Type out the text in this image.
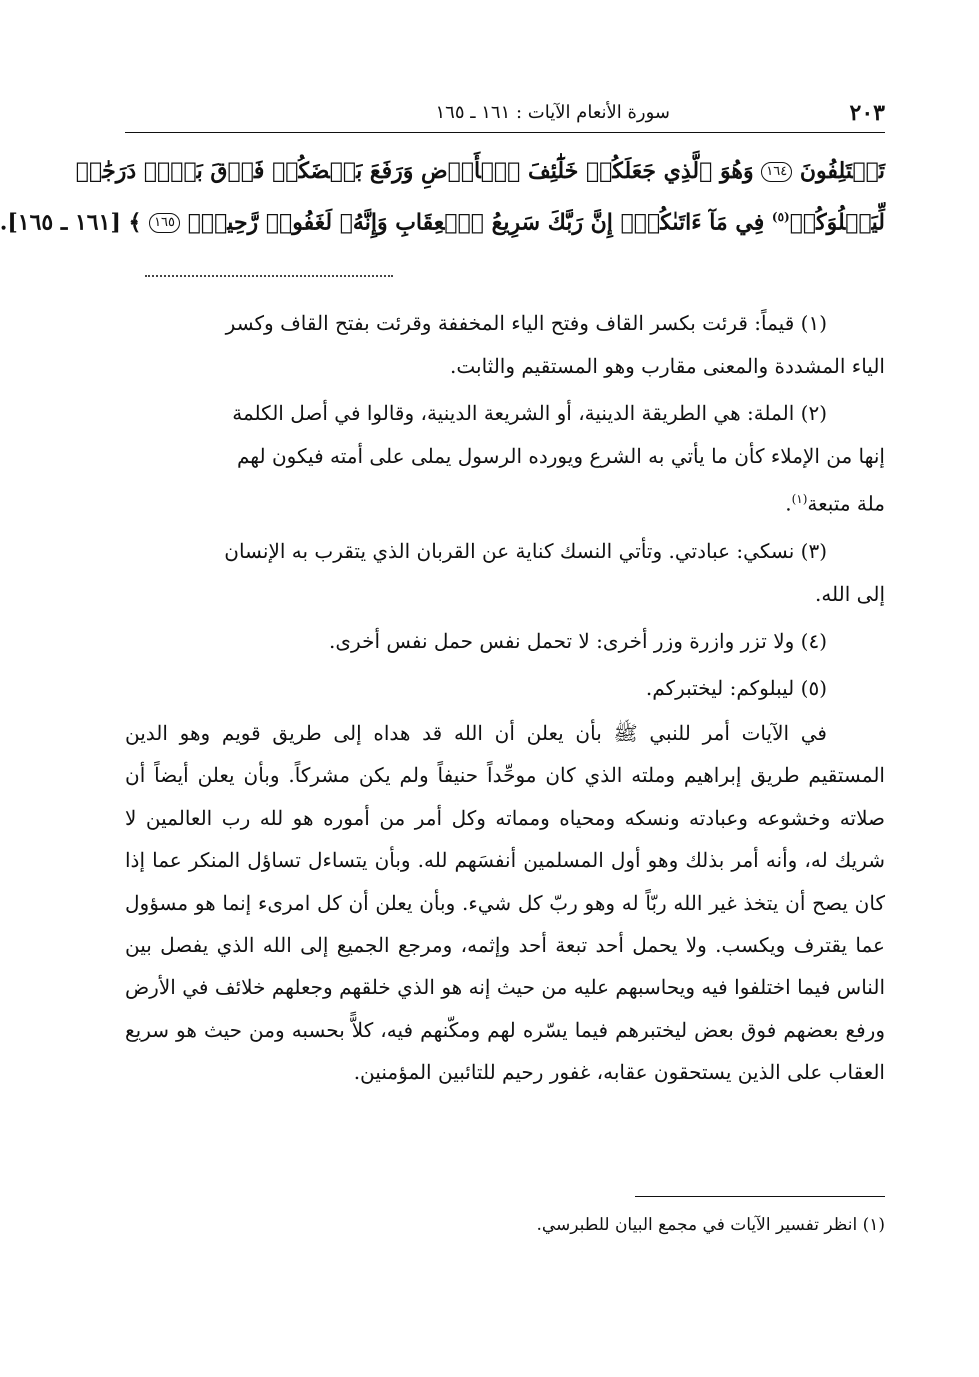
سورة الأنعام الآيات : ١٦١ ـ ١٦٥	٢٠٣
تَخۡتَلِفُونَ ١٦٤ وَهُوَ ٱلَّذِي جَعَلَكُمۡ خَلَٰٓئِفَ ٱلۡأَرۡضِ وَرَفَعَ بَعۡضَكُمۡ فَوۡقَ بَعۡضٖ دَرَجَٰتٖ
لِّيَبۡلُوَكُمۡ$^{(٥)}$ فِي مَآ ءَاتَىٰكُمۡۗ إِنَّ رَبَّكَ سَرِيعُ ٱلۡعِقَابِ وَإِنَّهُۥ لَغَفُورٞ رَّحِيمُۢ ١٦٥ ﴾ [١٦١ ـ ١٦٥].

(١) قيماً: قرئت بكسر القاف وفتح الياء المخففة وقرئت بفتح القاف وكسر
الياء المشددة والمعنى مقارب وهو المستقيم والثابت.

(٢) الملة: هي الطريقة الدينية، أو الشريعة الدينية، وقالوا في أصل الكلمة
إنها من الإملاء كأن ما يأتي به الشرع ويورده الرسول يملى على أمته فيكون لهم
ملة متبعة$^{(١)}$.

(٣) نسكي: عبادتي. وتأتي النسك كناية عن القربان الذي يتقرب به الإنسان
إلى الله.

(٤) ولا تزر وازرة وزر أخرى: لا تحمل نفس حمل نفس أخرى.

(٥) ليبلوكم: ليختبركم.

في الآيات أمر للنبي ﷺ بأن يعلن أن الله قد هداه إلى طريق قويم وهو الدين المستقيم طريق إبراهيم وملته الذي كان موحِّداً حنيفاً ولم يكن مشركاً. وبأن يعلن أيضاً أن صلاته وخشوعه وعبادته ونسكه ومحياه ومماته وكل أمر من أموره هو لله رب العالمين لا شريك له، وأنه أمر بذلك وهو أول المسلمين أنفسَهم لله. وبأن يتساءل تساؤل المنكر عما إذا كان يصح أن يتخذ غير الله ربّاً له وهو ربّ كل شيء. وبأن يعلن أن كل امرىء إنما هو مسؤول عما يقترف ويكسب. ولا يحمل أحد تبعة أحد وإثمه، ومرجع الجميع إلى الله الذي يفصل بين الناس فيما اختلفوا فيه ويحاسبهم عليه من حيث إنه هو الذي خلقهم وجعلهم خلائف في الأرض ورفع بعضهم فوق بعض ليختبرهم فيما يسّره لهم ومكّنهم فيه، كلاًّ بحسبه ومن حيث هو سريع العقاب على الذين يستحقون عقابه، غفور رحيم للتائبين المؤمنين.

(١) انظر تفسير الآيات في مجمع البيان للطبرسي.
